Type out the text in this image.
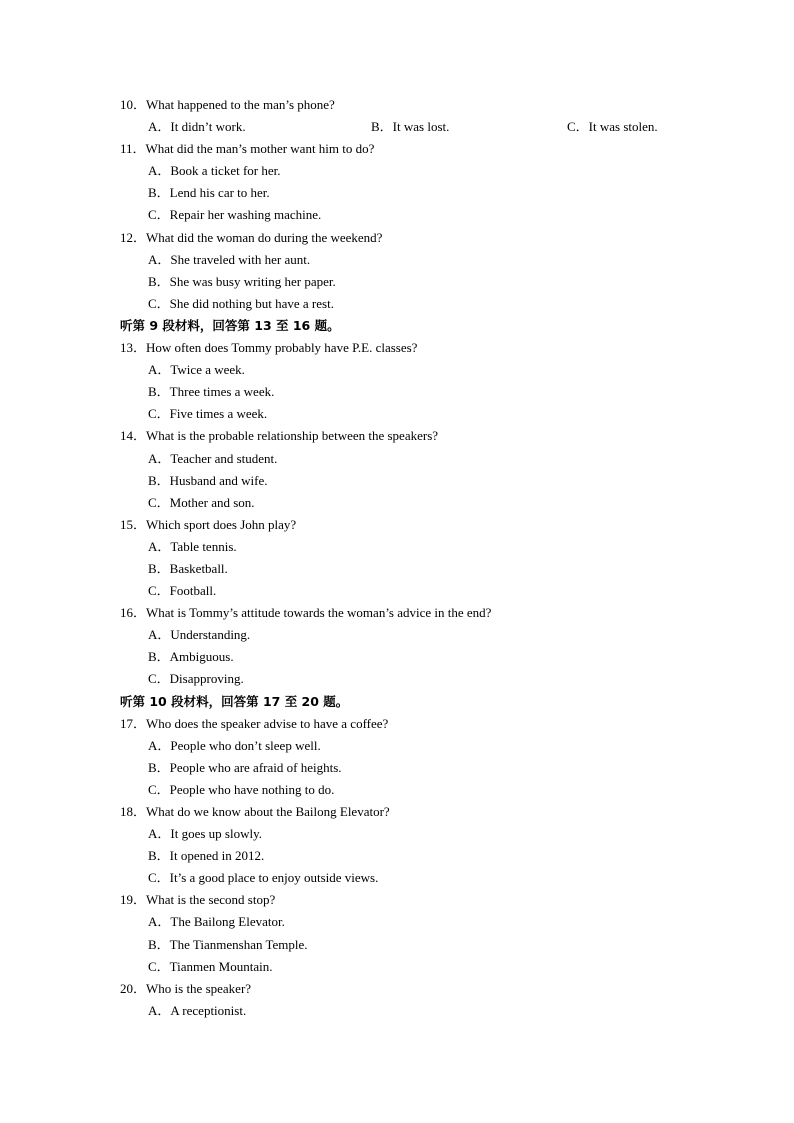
10．What happened to the man’s phone?
A．It didn’t work.	B．It was lost.	C．It was stolen.
11．What did the man’s mother want him to do?
A．Book a ticket for her.
B．Lend his car to her.
C．Repair her washing machine.
12．What did the woman do during the weekend?
A．She traveled with her aunt.
B．She was busy writing her paper.
C．She did nothing but have a rest.
听第 9 段材料，回答第 13 至 16 题。
13．How often does Tommy probably have P.E. classes?
A．Twice a week.
B．Three times a week.
C．Five times a week.
14．What is the probable relationship between the speakers?
A．Teacher and student.
B．Husband and wife.
C．Mother and son.
15．Which sport does John play?
A．Table tennis.
B．Basketball.
C．Football.
16．What is Tommy’s attitude towards the woman’s advice in the end?
A．Understanding.
B．Ambiguous.
C．Disapproving.
听第 10 段材料，回答第 17 至 20 题。
17．Who does the speaker advise to have a coffee?
A．People who don’t sleep well.
B．People who are afraid of heights.
C．People who have nothing to do.
18．What do we know about the Bailong Elevator?
A．It goes up slowly.
B．It opened in 2012.
C．It’s a good place to enjoy outside views.
19．What is the second stop?
A．The Bailong Elevator.
B．The Tianmenshan Temple.
C．Tianmen Mountain.
20．Who is the speaker?
A．A receptionist.
